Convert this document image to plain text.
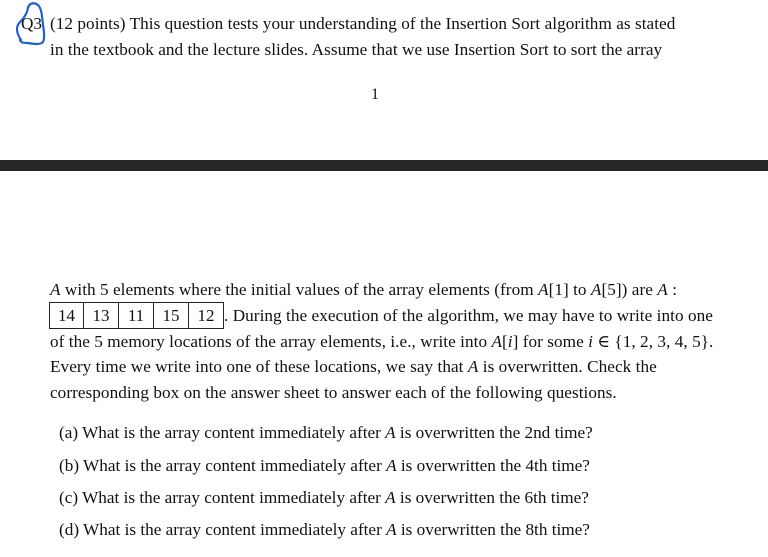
Q3 (12 points) This question tests your understanding of the Insertion Sort algorithm as stated
in the textbook and the lecture slides. Assume that we use Insertion Sort to sort the array
1
A with 5 elements where the initial values of the array elements (from A[1] to A[5]) are A :
14	13	11	15	12 . During the execution of the algorithm, we may have to write into one
of the 5 memory locations of the array elements, i.e., write into A[i] for some i ∈ {1, 2, 3, 4, 5}.
Every time we write into one of these locations, we say that A is overwritten. Check the
corresponding box on the answer sheet to answer each of the following questions.
(a) What is the array content immediately after A is overwritten the 2nd time?
(b) What is the array content immediately after A is overwritten the 4th time?
(c) What is the array content immediately after A is overwritten the 6th time?
(d) What is the array content immediately after A is overwritten the 8th time?
